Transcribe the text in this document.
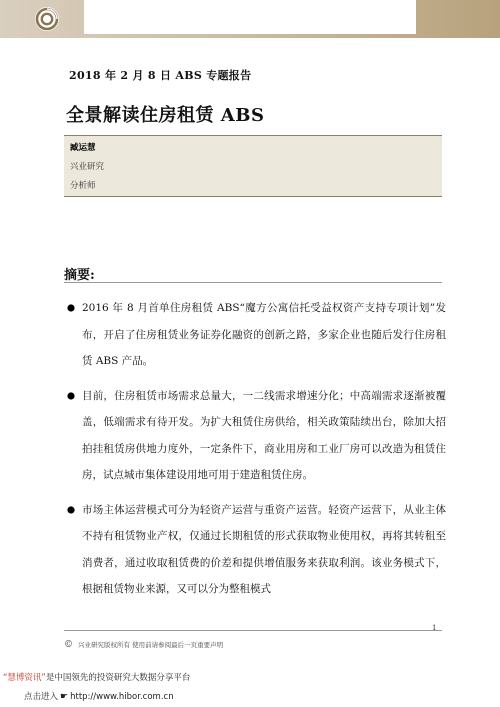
2018 年 2 月 8 日 ABS 专题报告
全景解读住房租赁 ABS
臧运慧
兴业研究
分析师
摘要:
2016 年 8 月首单住房租赁 ABS“魔方公寓信托受益权资产支持专项计划”发布，开启了住房租赁业务证券化融资的创新之路，多家企业也随后发行住房租赁 ABS 产品。
目前，住房租赁市场需求总量大，一二线需求增速分化；中高端需求逐渐被覆盖，低端需求有待开发。为扩大租赁住房供给，相关政策陆续出台，除加大招拍挂租赁房供地力度外，一定条件下，商业用房和工业厂房可以改造为租赁住房，试点城市集体建设用地可用于建造租赁住房。
市场主体运营模式可分为轻资产运营与重资产运营。轻资产运营下，从业主体不持有租赁物业产权，仅通过长期租赁的形式获取物业使用权，再将其转租至消费者，通过收取租赁费的价差和提供增值服务来获取利润。该业务模式下，根据租赁物业来源，又可以分为整租模式
1
© 兴业研究版权所有 使用前请参阅最后一页重要声明
“慧博资讯”是中国领先的投资研究大数据分享平台
点击进入 ☛ http://www.hibor.com.cn
